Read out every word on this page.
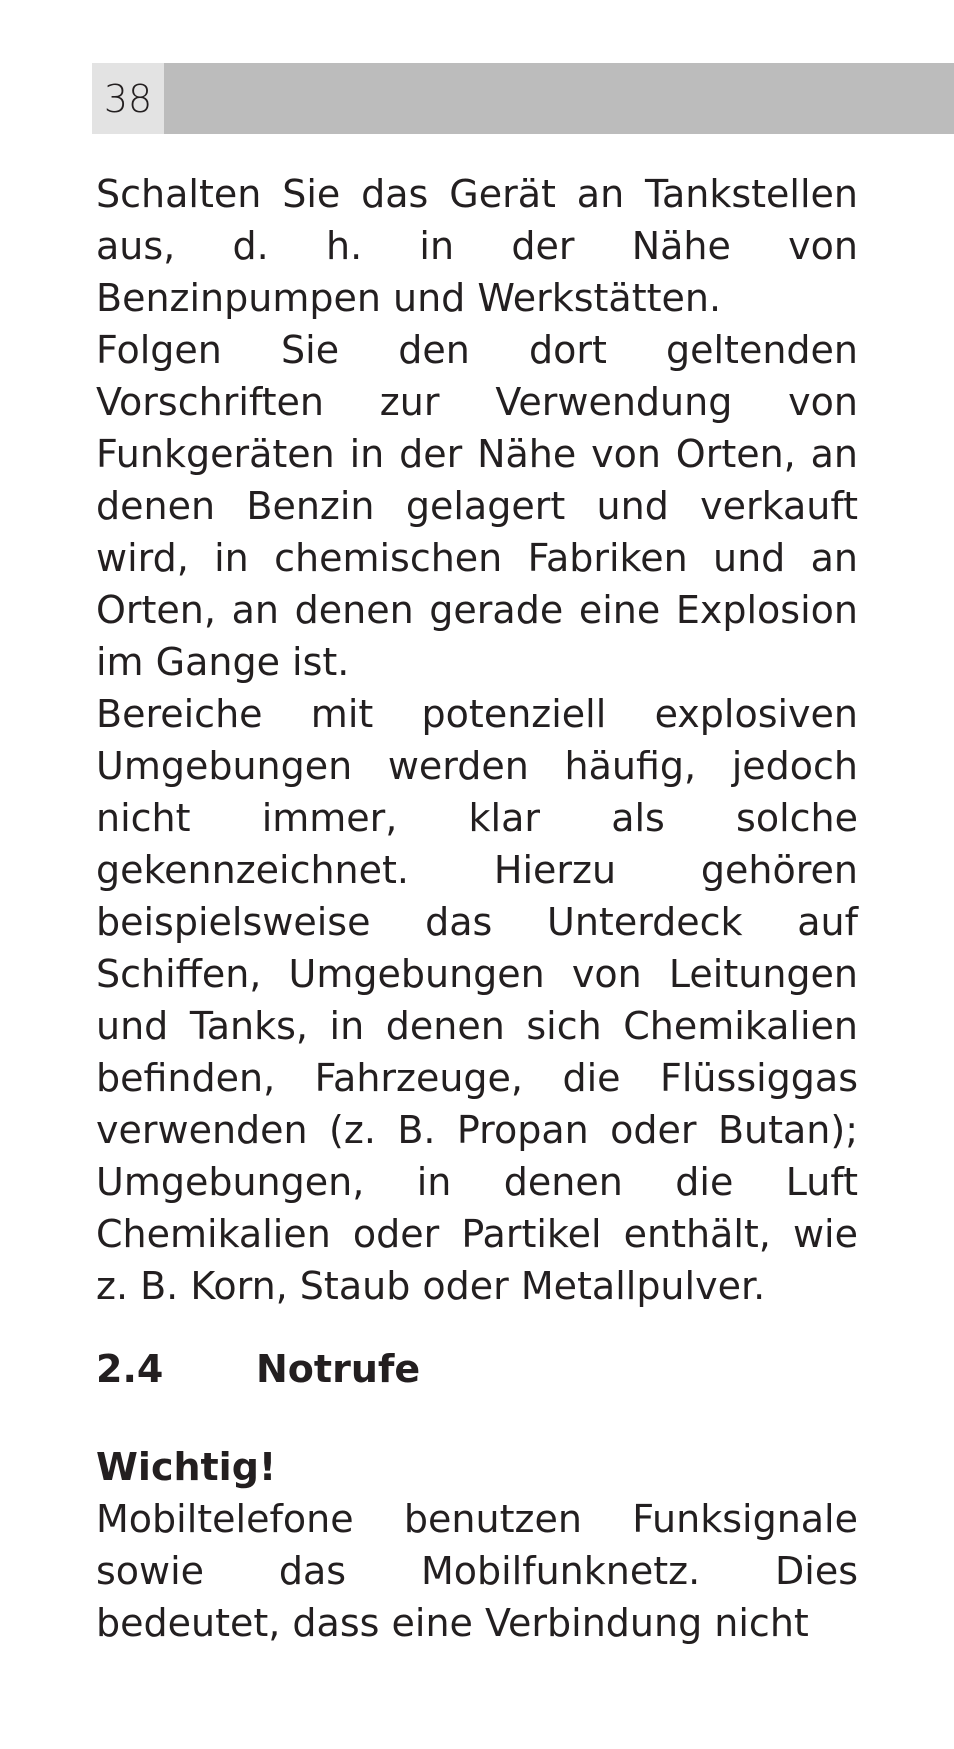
38

Schalten Sie das Gerät an Tankstellen aus, d. h. in der Nähe von Benzinpumpen und Werkstätten.

Folgen Sie den dort geltenden Vorschriften zur Verwendung von Funkgeräten in der Nähe von Orten, an denen Benzin gelagert und verkauft wird, in chemischen Fabriken und an Orten, an denen gerade eine Explosion im Gange ist.

Bereiche mit potenziell explosiven Umgebungen werden häufig, jedoch nicht immer, klar als solche gekennzeichnet. Hierzu gehören beispielsweise das Unterdeck auf Schiffen, Umgebungen von Leitungen und Tanks, in denen sich Chemikalien befinden, Fahrzeuge, die Flüssiggas verwenden (z. B. Propan oder Butan); Umgebungen, in denen die Luft Chemikalien oder Partikel enthält, wie z. B. Korn, Staub oder Metallpulver.

2.4	Notrufe
Wichtig!

Mobiltelefone benutzen Funksignale sowie das Mobilfunknetz. Dies bedeutet, dass eine Verbindung nicht
